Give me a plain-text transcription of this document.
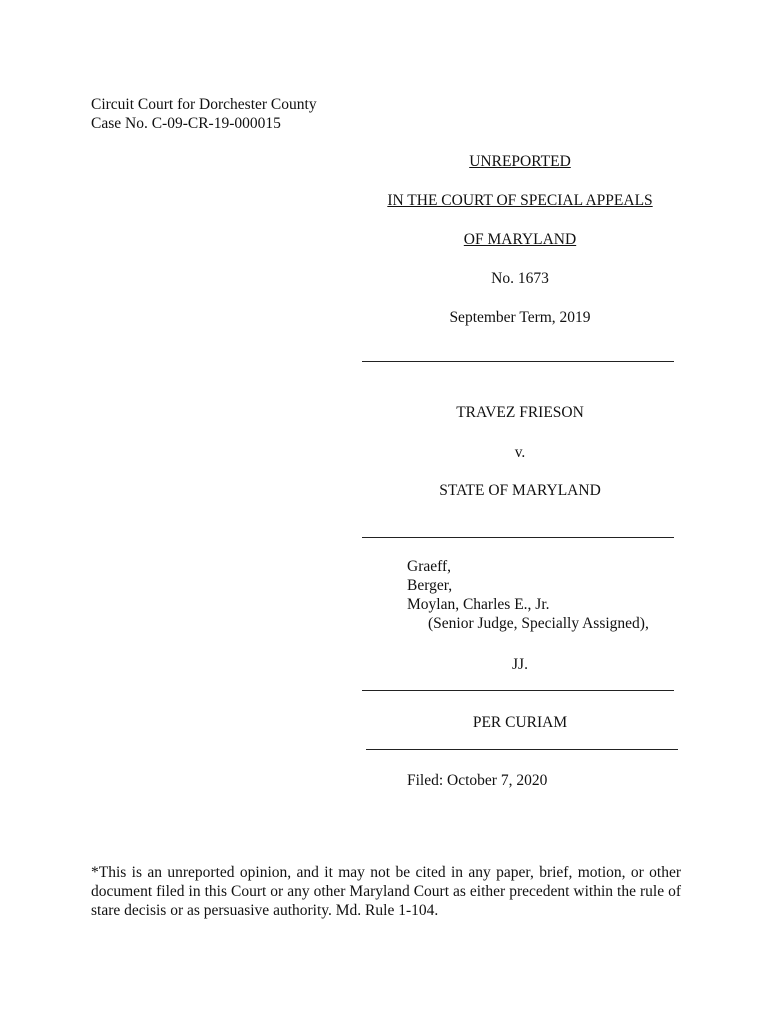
Circuit Court for Dorchester County
Case No. C-09-CR-19-000015
UNREPORTED
IN THE COURT OF SPECIAL APPEALS
OF MARYLAND
No. 1673
September Term, 2019
TRAVEZ FRIESON
v.
STATE OF MARYLAND
Graeff,
Berger,
Moylan, Charles E., Jr.
(Senior Judge, Specially Assigned),
JJ.
PER CURIAM
Filed: October 7, 2020
*This is an unreported opinion, and it may not be cited in any paper, brief, motion, or other document filed in this Court or any other Maryland Court as either precedent within the rule of stare decisis or as persuasive authority. Md. Rule 1-104.
